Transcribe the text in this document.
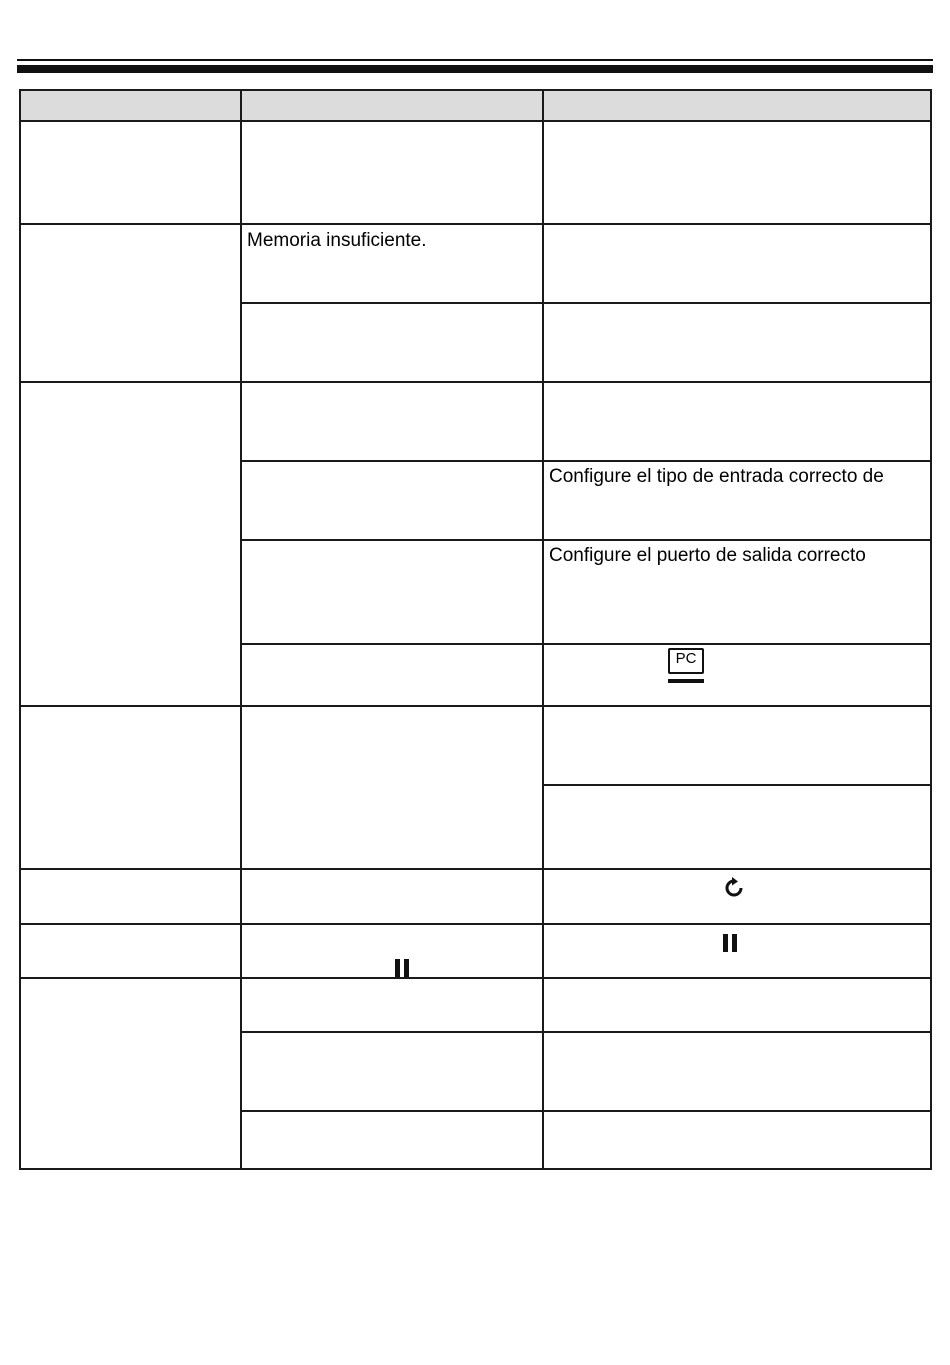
Memoria insuficiente.
Configure el tipo de entrada correcto de
Configure el puerto de salida correcto
PC
